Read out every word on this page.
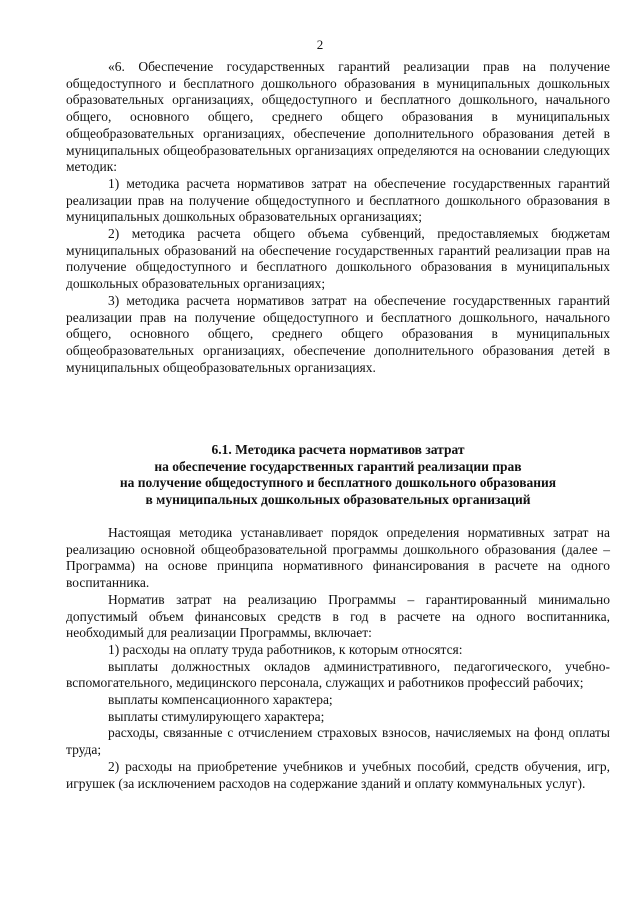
2

«6. Обеспечение государственных гарантий реализации прав на получение общедоступного и бесплатного дошкольного образования в муниципальных дошкольных образовательных организациях, общедоступного и бесплатного дошкольного, начального общего, основного общего, среднего общего образования в муниципальных общеобразовательных организациях, обеспечение дополнительного образования детей в муниципальных общеобразовательных организациях определяются на основании следующих методик:

1) методика расчета нормативов затрат на обеспечение государственных гарантий реализации прав на получение общедоступного и бесплатного дошкольного образования в муниципальных дошкольных образовательных организациях;

2) методика расчета общего объема субвенций, предоставляемых бюджетам муниципальных образований на обеспечение государственных гарантий реализации прав на получение общедоступного и бесплатного дошкольного образования в муниципальных дошкольных образовательных организациях;

3) методика расчета нормативов затрат на обеспечение государственных гарантий реализации прав на получение общедоступного и бесплатного дошкольного, начального общего, основного общего, среднего общего образования в муниципальных общеобразовательных организациях, обеспечение дополнительного образования детей в муниципальных общеобразовательных организациях.

6.1. Методика расчета нормативов затрат
на обеспечение государственных гарантий реализации прав
на получение общедоступного и бесплатного дошкольного образования
в муниципальных дошкольных образовательных организаций

Настоящая методика устанавливает порядок определения нормативных затрат на реализацию основной общеобразовательной программы дошкольного образования (далее – Программа) на основе принципа нормативного финансирования в расчете на одного воспитанника.

Норматив затрат на реализацию Программы – гарантированный минимально допустимый объем финансовых средств в год в расчете на одного воспитанника, необходимый для реализации Программы, включает:

1) расходы на оплату труда работников, к которым относятся:

выплаты должностных окладов административного, педагогического, учебно-вспомогательного, медицинского персонала, служащих и работников профессий рабочих;

выплаты компенсационного характера;

выплаты стимулирующего характера;

расходы, связанные с отчислением страховых взносов, начисляемых на фонд оплаты труда;

2) расходы на приобретение учебников и учебных пособий, средств обучения, игр, игрушек (за исключением расходов на содержание зданий и оплату коммунальных услуг).
